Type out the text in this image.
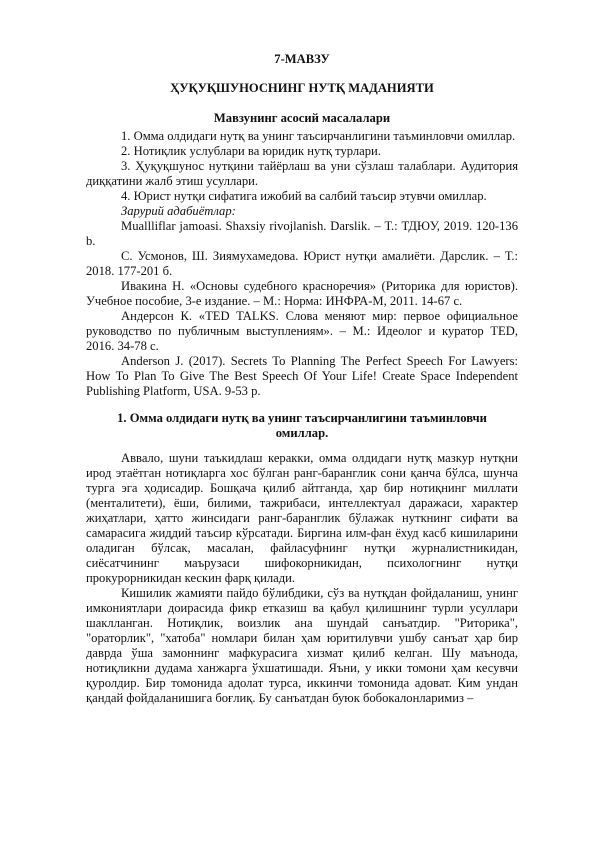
7-МАВЗУ
ҲУҚУҚШУНОСНИНГ НУТҚ МАДАНИЯТИ
Мавзунинг асосий масалалари

1. Омма олдидаги нутқ ва унинг таъсирчанлигини таъминловчи омиллар.

2. Нотиқлик услублари ва юридик нутқ турлари.

3. Ҳуқуқшунос нутқини тайёрлаш ва уни сўзлаш талаблари. Аудитория диққатини жалб этиш усуллари.

4. Юрист нутқи сифатига ижобий ва салбий таъсир этувчи омиллар.

Зарурий адабиётлар:

Muallliflar jamoasi. Shaxsiy rivojlanish. Darslik. – Т.: ТДЮУ, 2019. 120-136 b.

С. Усмонов, Ш. Зиямухамедова. Юрист нутқи амалиёти. Дарслик. – Т.: 2018. 177-201 б.

Ивакина Н. «Основы судебного красноречия» (Риторика для юристов). Учебное пособие, 3-е издание. – М.: Норма: ИНФРА-М, 2011. 14-67 с.

Андерсон К. «TED TALKS. Слова меняют мир: первое официальное руководство по публичным выступлениям». – М.: Идеолог и куратор TED, 2016. 34-78 с.

Anderson J. (2017). Secrets To Planning The Perfect Speech For Lawyers: How To Plan To Give The Best Speech Of Your Life! Create Space Independent Publishing Platform, USA. 9-53 p.

1. Омма олдидаги нутқ ва унинг таъсирчанлигини таъминловчи омиллар.

Аввало, шуни таъкидлаш керакки, омма олдидаги нутқ мазкур нутқни ирод этаётган нотиқларга хос бўлган ранг-баранглик сони қанча бўлса, шунча турга эга ҳодисадир. Бошқача қилиб айтганда, ҳар бир нотиқнинг миллати (менталитети), ёши, билими, тажрибаси, интеллектуал даражаси, характер жиҳатлари, ҳатто жинсидаги ранг-баранглик бўлажак нуткнинг сифати ва самарасига жиддий таъсир кўрсатади. Биргина илм-фан ёхуд касб кишиларини оладиган бўлсак, масалан, файласуфнинг нутқи журналистникидан, сиёсатчининг маърузаси шифокорникидан, психологнинг нутқи прокурорникидан кескин фарқ қилади.

Кишилик жамияти пайдо бўлибдики, сўз ва нутқдан фойдаланиш, унинг имкониятлари доирасида фикр етказиш ва қабул қилишнинг турли усуллари шаклланган. Нотиқлик, воизлик ана шундай санъатдир. "Риторика", "ораторлик", "хатоба" номлари билан ҳам юритилувчи ушбу санъат ҳар бир даврда ўша замоннинг мафкурасига хизмат қилиб келган. Шу маънода, нотиқликни дудама ханжарга ўхшатишади. Яъни, у икки томони ҳам кесувчи қуролдир. Бир томонида адолат турса, иккинчи томонида адоват. Ким ундан қандай фойдаланишига боғлиқ. Бу санъатдан буюк бобокалонларимиз –
